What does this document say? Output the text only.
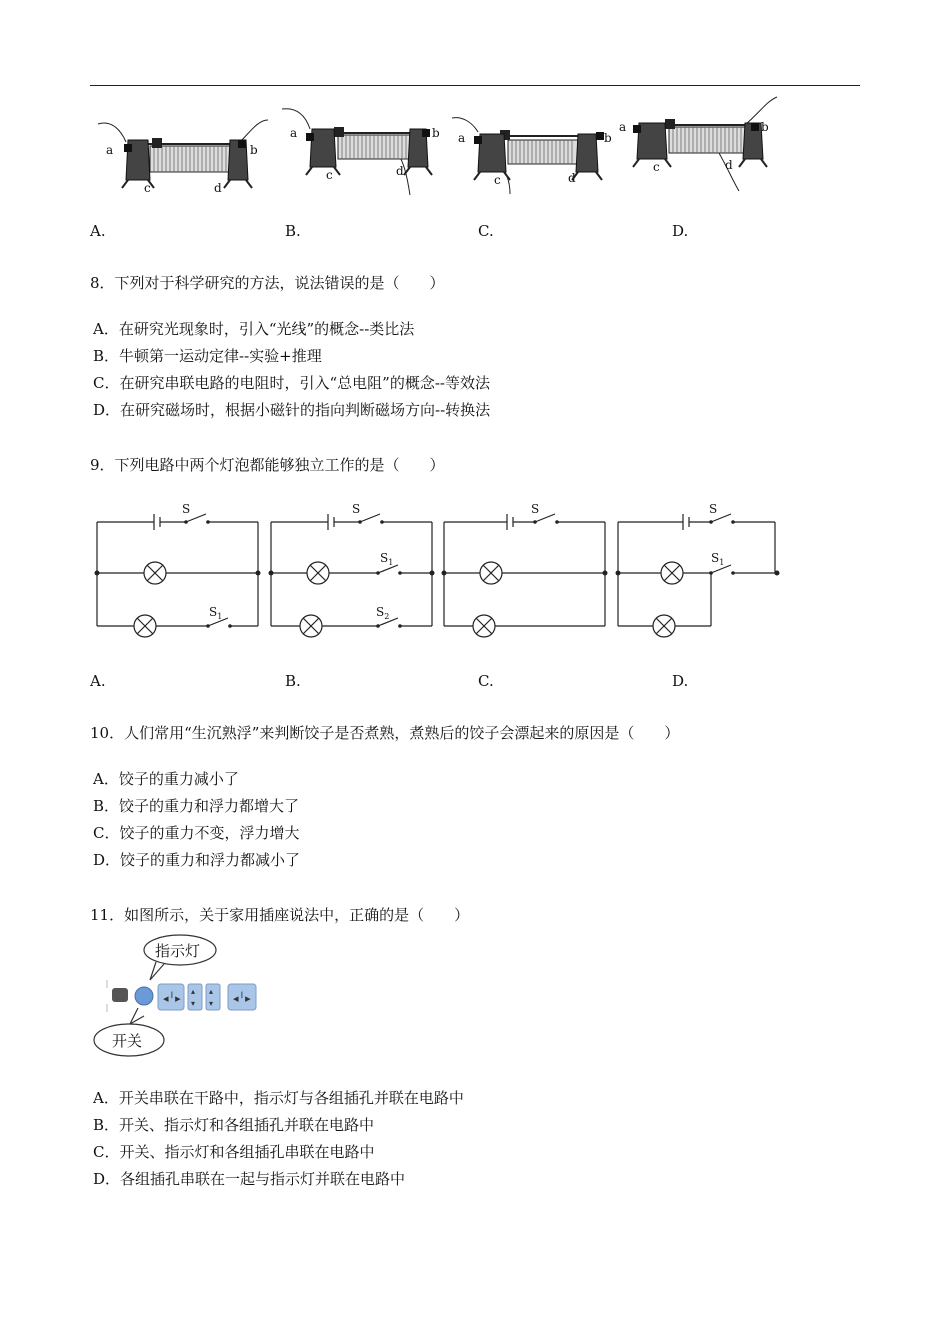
a	b
c	d
a	b
c	d
a	b
c	d
a	b
c	d
A.	B.	C.	D.
8．下列对于科学研究的方法，说法错误的是（　　）
A．在研究光现象时，引入“光线”的概念--类比法
B．牛顿第一运动定律--实验+推理
C．在研究串联电路的电阻时，引入“总电阻”的概念--等效法
D．在研究磁场时，根据小磁针的指向判断磁场方向--转换法
9．下列电路中两个灯泡都能够独立工作的是（　　）
S
$S_1$
S
$S_1$
$S_2$
S	S
$S_1$
A.	B.	C.	D.
10．人们常用“生沉熟浮”来判断饺子是否煮熟，煮熟后的饺子会漂起来的原因是（　　）
A．饺子的重力减小了
B．饺子的重力和浮力都增大了
C．饺子的重力不变，浮力增大
D．饺子的重力和浮力都减小了
11．如图所示，关于家用插座说法中，正确的是（　　）
指示灯
◂╵▸
▴
▾
▴
▾ ◂╵▸
开关
A．开关串联在干路中，指示灯与各组插孔并联在电路中
B．开关、指示灯和各组插孔并联在电路中
C．开关、指示灯和各组插孔串联在电路中
D．各组插孔串联在一起与指示灯并联在电路中
